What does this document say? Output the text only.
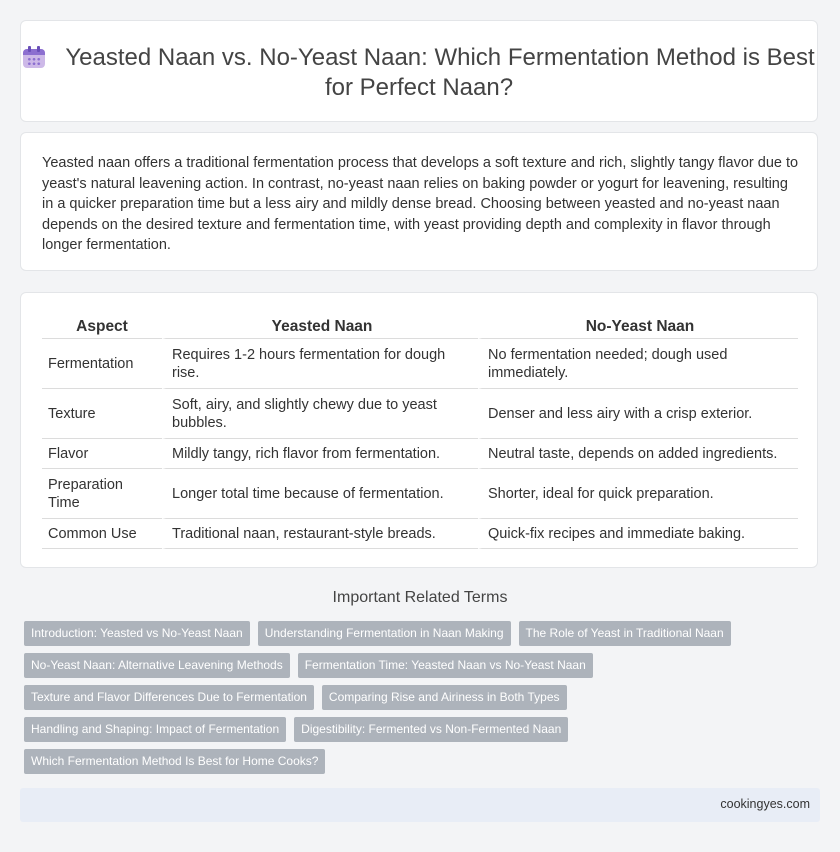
Yeasted Naan vs. No-Yeast Naan: Which Fermentation Method is Best for Perfect Naan?
Yeasted naan offers a traditional fermentation process that develops a soft texture and rich, slightly tangy flavor due to yeast's natural leavening action. In contrast, no-yeast naan relies on baking powder or yogurt for leavening, resulting in a quicker preparation time but a less airy and mildly dense bread. Choosing between yeasted and no-yeast naan depends on the desired texture and fermentation time, with yeast providing depth and complexity in flavor through longer fermentation.
Aspect	Yeasted Naan	No-Yeast Naan
Fermentation	Requires 1-2 hours fermentation for dough rise.	No fermentation needed; dough used immediately.
Texture	Soft, airy, and slightly chewy due to yeast bubbles.	Denser and less airy with a crisp exterior.
Flavor	Mildly tangy, rich flavor from fermentation.	Neutral taste, depends on added ingredients.
Preparation Time	Longer total time because of fermentation.	Shorter, ideal for quick preparation.
Common Use	Traditional naan, restaurant-style breads.	Quick-fix recipes and immediate baking.
Important Related Terms
Introduction: Yeasted vs No-Yeast Naan Understanding Fermentation in Naan Making The Role of Yeast in Traditional Naan
No-Yeast Naan: Alternative Leavening Methods Fermentation Time: Yeasted Naan vs No-Yeast Naan
Texture and Flavor Differences Due to Fermentation Comparing Rise and Airiness in Both Types
Handling and Shaping: Impact of Fermentation Digestibility: Fermented vs Non-Fermented Naan
Which Fermentation Method Is Best for Home Cooks?
cookingyes.com
